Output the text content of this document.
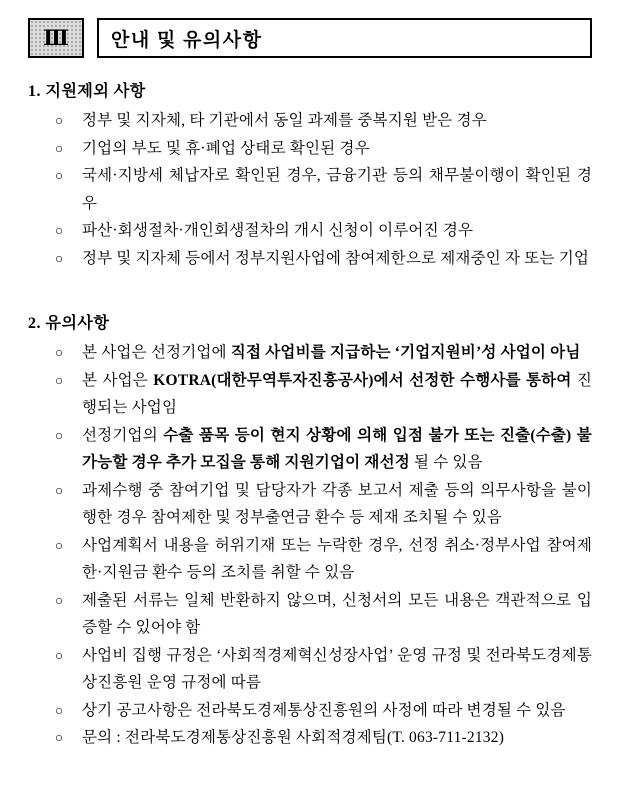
Ⅲ 안내 및 유의사항
1. 지원제외 사항
○	정부 및 지자체, 타 기관에서 동일 과제를 중복지원 받은 경우
○	기업의 부도 및 휴·폐업 상태로 확인된 경우
○	국세·지방세 체납자로 확인된 경우, 금융기관 등의 채무불이행이 확인된 경우
○	파산·회생절차·개인회생절차의 개시 신청이 이루어진 경우
○	정부 및 지자체 등에서 정부지원사업에 참여제한으로 제재중인 자 또는 기업
2. 유의사항
○	본 사업은 선정기업에 직접 사업비를 지급하는 ‘기업지원비’성 사업이 아님
○	본 사업은 KOTRA(대한무역투자진흥공사)에서 선정한 수행사를 통하여 진행되는 사업임
○	선정기업의 수출 품목 등이 현지 상황에 의해 입점 불가 또는 진출(수출) 불가능할 경우 추가 모집을 통해 지원기업이 재선정 될 수 있음
○	과제수행 중 참여기업 및 담당자가 각종 보고서 제출 등의 의무사항을 불이행한 경우 참여제한 및 정부출연금 환수 등 제재 조치될 수 있음
○	사업계획서 내용을 허위기재 또는 누락한 경우, 선정 취소·정부사업 참여제한·지원금 환수 등의 조치를 취할 수 있음
○	제출된 서류는 일체 반환하지 않으며, 신청서의 모든 내용은 객관적으로 입증할 수 있어야 함
○	사업비 집행 규정은 ‘사회적경제혁신성장사업’ 운영 규정 및 전라북도경제통상진흥원 운영 규정에 따름
○	상기 공고사항은 전라북도경제통상진흥원의 사정에 따라 변경될 수 있음
○	문의 : 전라북도경제통상진흥원 사회적경제팀(T. 063-711-2132)
